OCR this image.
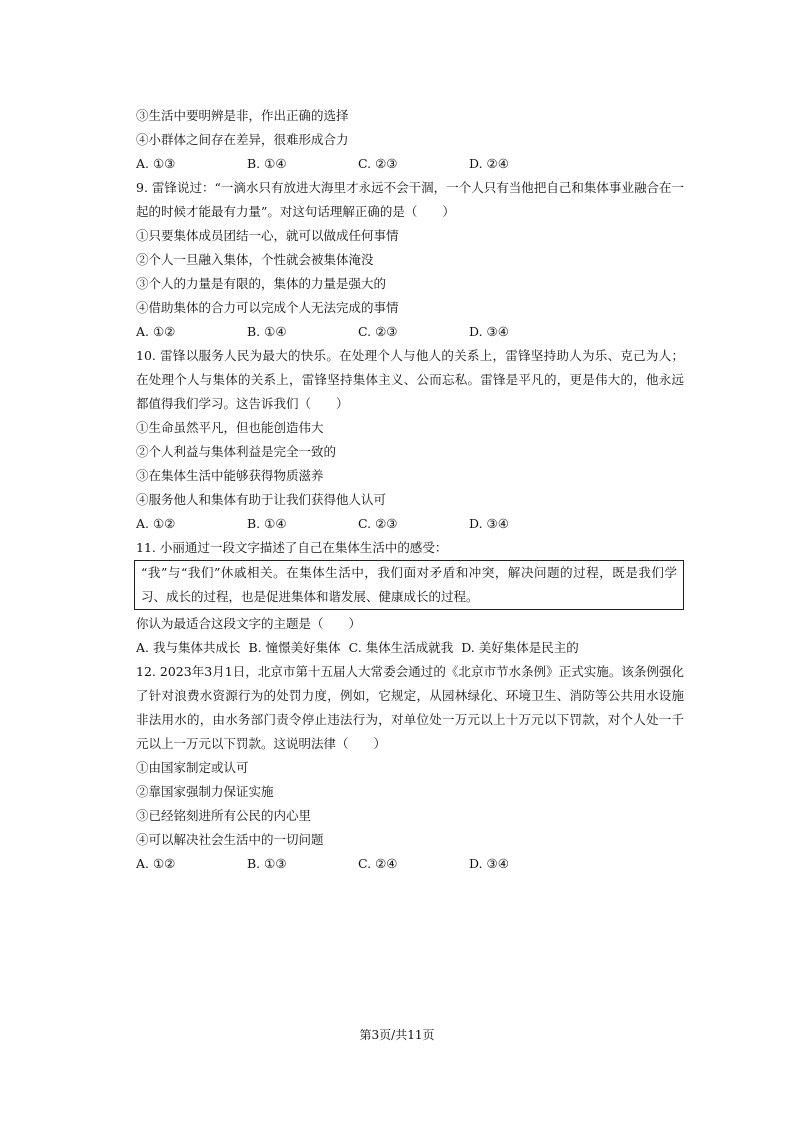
③生活中要明辨是非，作出正确的选择
④小群体之间存在差异，很难形成合力
A. ①③	B. ①④	C. ②③	D. ②④
9. 雷锋说过：“一滴水只有放进大海里才永远不会干涸，一个人只有当他把自己和集体事业融合在一起的时候才能最有力量”。对这句话理解正确的是（　　）
①只要集体成员团结一心，就可以做成任何事情
②个人一旦融入集体，个性就会被集体淹没
③个人的力量是有限的，集体的力量是强大的
④借助集体的合力可以完成个人无法完成的事情
A. ①②	B. ①④	C. ②③	D. ③④
10. 雷锋以服务人民为最大的快乐。在处理个人与他人的关系上，雷锋坚持助人为乐、克己为人；在处理个人与集体的关系上，雷锋坚持集体主义、公而忘私。雷锋是平凡的，更是伟大的，他永远都值得我们学习。这告诉我们（　　）
①生命虽然平凡，但也能创造伟大
②个人利益与集体利益是完全一致的
③在集体生活中能够获得物质滋养
④服务他人和集体有助于让我们获得他人认可
A. ①②	B. ①④	C. ②③	D. ③④
11. 小丽通过一段文字描述了自己在集体生活中的感受：
“我”与“我们”休戚相关。在集体生活中，我们面对矛盾和冲突，解决问题的过程，既是我们学习、成长的过程，也是促进集体和谐发展、健康成长的过程。
你认为最适合这段文字的主题是（　　）
A. 我与集体共成长 B. 憧憬美好集体 C. 集体生活成就我 D. 美好集体是民主的
12. 2023年3月1日，北京市第十五届人大常委会通过的《北京市节水条例》正式实施。该条例强化了针对浪费水资源行为的处罚力度，例如，它规定，从园林绿化、环境卫生、消防等公共用水设施非法用水的，由水务部门责令停止违法行为，对单位处一万元以上十万元以下罚款，对个人处一千元以上一万元以下罚款。这说明法律（　　）
①由国家制定或认可
②靠国家强制力保证实施
③已经铭刻进所有公民的内心里
④可以解决社会生活中的一切问题
A. ①②	B. ①③	C. ②④	D. ③④
第3页/共11页
